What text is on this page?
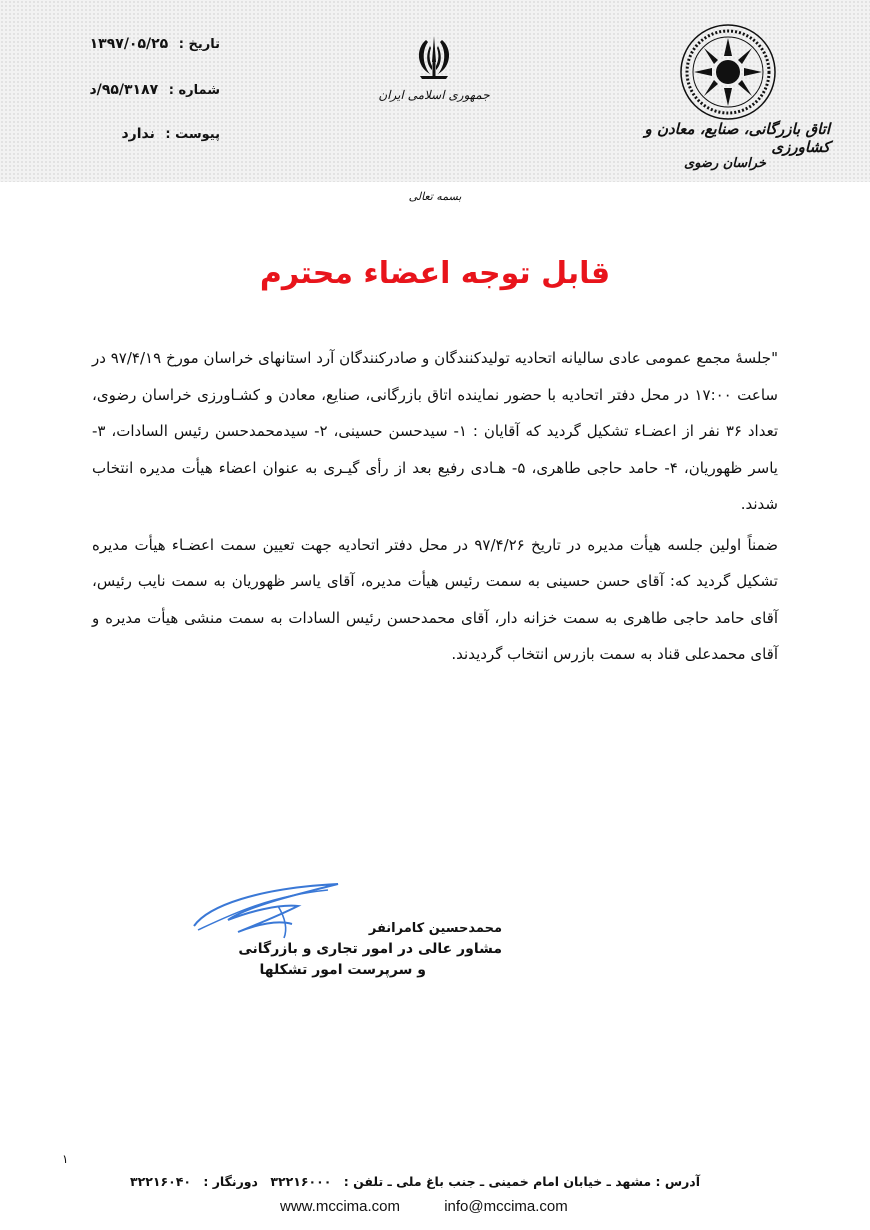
تاریخ : ۱۳۹۷/۰۵/۲۵
شماره : ۹۵/۳۱۸۷/د
پیوست : ندارد
جمهوری اسلامی ایران
اتاق بازرگانی، صنایع، معادن و کشاورزی
خراسان رضوی
بسمه تعالی
قابل توجه اعضاء محترم

"جلسهٔ مجمع عمومی عادی سالیانه اتحادیه تولیدکنندگان و صادرکنندگان آرد استانهای خراسان مورخ ۹۷/۴/۱۹ در ساعت ۱۷:۰۰ در محل دفتر اتحادیه با حضور نماینده اتاق بازرگانی، صنایع، معادن و کشـاورزی خراسان رضوی، تعداد ۳۶ نفر از اعضـاء تشکیل گردید که آقایان : ۱- سیدحسن حسینی، ۲- سیدمحمدحسن رئیس السادات، ۳- یاسر ظهوریان، ۴- حامد حاجی طاهری، ۵- هـادی رفیع بعد از رأی گیـری به عنوان اعضاء هیأت مدیره انتخاب شدند.

ضمناً اولین جلسه هیأت مدیره در تاریخ ۹۷/۴/۲۶ در محل دفتر اتحادیه جهت تعیین سمت اعضـاء هیأت مدیره تشکیل گردید که: آقای حسن حسینی به سمت رئیس هیأت مدیره، آقای یاسر ظهوریان به سمت نایب رئیس، آقای حامد حاجی طاهری به سمت خزانه دار، آقای محمدحسن رئیس السادات به سمت منشی هیأت مدیره و آقای محمدعلی قناد به سمت بازرس انتخاب گردیدند.

محمدحسین کامرانفر
مشاور عالی در امور تجاری و بازرگانی
و سرپرست امور تشکلها
۱
آدرس : مشهد ـ خیابان امام خمینی ـ جنب باغ ملی ـ تلفن : ۳۲۲۱۶۰۰۰ دورنگار : ۳۲۲۱۶۰۴۰
www.mccima.com	info@mccima.com
